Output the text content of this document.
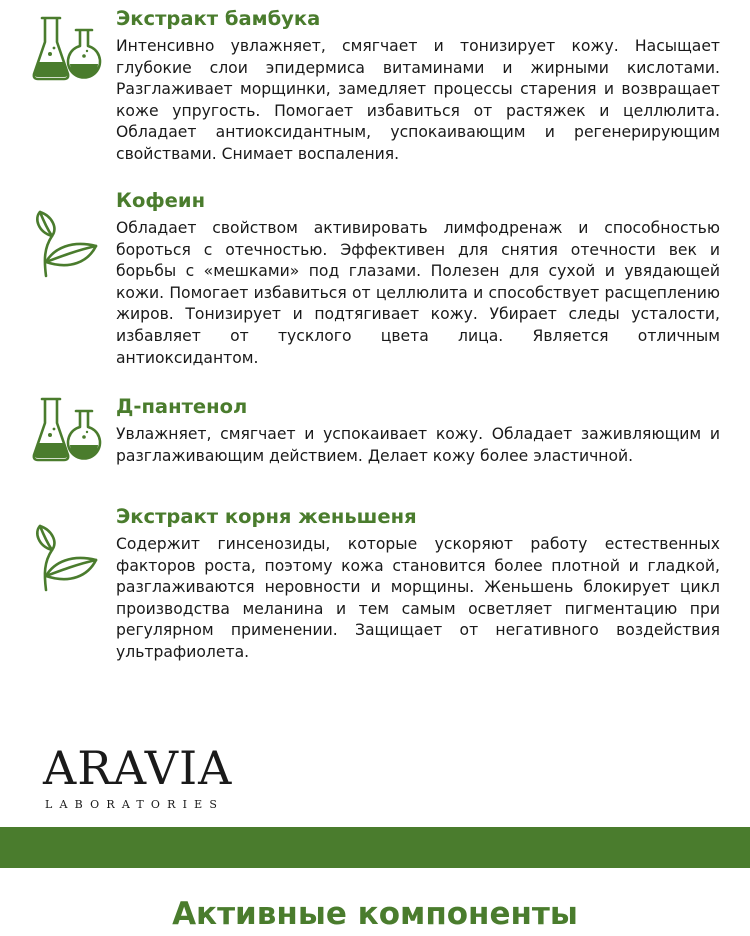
Экстракт бамбука

Интенсивно увлажняет, смягчает и тонизирует кожу. Насыщает глубокие слои эпидермиса витаминами и жирными кислотами. Разглаживает морщинки, замедляет процессы старения и возвращает коже упругость. Помогает избавиться от растяжек и целлюлита. Обладает антиоксидантным, успокаивающим и регенерирующим свойствами. Снимает воспаления.

Кофеин

Обладает свойством активировать лимфодренаж и способностью бороться с отечностью. Эффективен для снятия отечности век и борьбы с «мешками» под глазами. Полезен для сухой и увядающей кожи. Помогает избавиться от целлюлита и способствует расщеплению жиров. Тонизирует и подтягивает кожу. Убирает следы усталости, избавляет от тусклого цвета лица. Является отличным антиоксидантом.

Д-пантенол

Увлажняет, смягчает и успокаивает кожу. Обладает заживляющим и разглаживающим действием. Делает кожу более эластичной.

Экстракт корня женьшеня

Содержит гинсенозиды, которые ускоряют работу естественных факторов роста, поэтому кожа становится более плотной и гладкой, разглаживаются неровности и морщины. Женьшень блокирует цикл производства меланина и тем самым осветляет пигментацию при регулярном применении. Защищает от негативного воздействия ультрафиолета.

ARAVIA
LABORATORIES
Активные компоненты
